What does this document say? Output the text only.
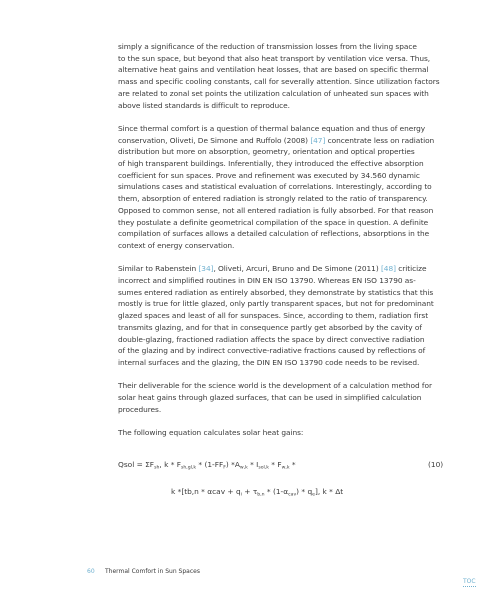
simply a significance of the reduction of transmission losses from the living space

to the sun space, but beyond that also heat transport by ventilation vice versa. Thus,

alternative heat gains and ventilation heat losses, that are based on specific thermal

mass and specific cooling constants, call for severally attention. Since utilization factors

are related to zonal set points the utilization calculation of unheated sun spaces with

above listed standards is difficult to reproduce.

Since thermal comfort is a question of thermal balance equation and thus of energy

conservation, Oliveti, De Simone and Ruffolo (2008) [47] concentrate less on radiation

distribution but more on absorption, geometry, orientation and optical properties

of high transparent buildings. Inferentially, they introduced the effective absorption

coefficient for sun spaces. Prove and refinement was executed by 34.560 dynamic

simulations cases and statistical evaluation of correlations. Interestingly, according to

them, absorption of entered radiation is strongly related to the ratio of transparency.

Opposed to common sense, not all entered radiation is fully absorbed. For that reason

they postulate a definite geometrical compilation of the space in question. A definite

compilation of surfaces allows a detailed calculation of reflections, absorptions in the

context of energy conservation.

Similar to Rabenstein [34], Oliveti, Arcuri, Bruno and De Simone (2011) [48] criticize

incorrect and simplified routines in DIN EN ISO 13790. Whereas EN ISO 13790 as-

sumes entered radiation as entirely absorbed, they demonstrate by statistics that this

mostly is true for little glazed, only partly transparent spaces, but not for predominant

glazed spaces and least of all for sunspaces. Since, according to them, radiation first

transmits glazing, and for that in consequence partly get absorbed by the cavity of

double-glazing, fractioned radiation affects the space by direct convective radiation

of the glazing and by indirect convective-radiative fractions caused by reflections of

internal surfaces and the glazing, the DIN EN ISO 13790 code needs to be revised.

Their deliverable for the science world is the development of a calculation method for

solar heat gains through glazed surfaces, that can be used in simplified calculation

procedures.

The following equation calculates solar heat gains:

Qsol = $\Sigma F_{sh}$, k * $F_{sh,gl,k} * (1-FF_F)$ $*A_{w,k} * I_{sol,k} * F_{w,k}$ *	(10)
k $*[tb,n * \alpha cav + q_i + \tau_{b,n} * (1-\alpha_{cav}) * q_e]$, k * Δt
60 Thermal Comfort in Sun Spaces
TOC
